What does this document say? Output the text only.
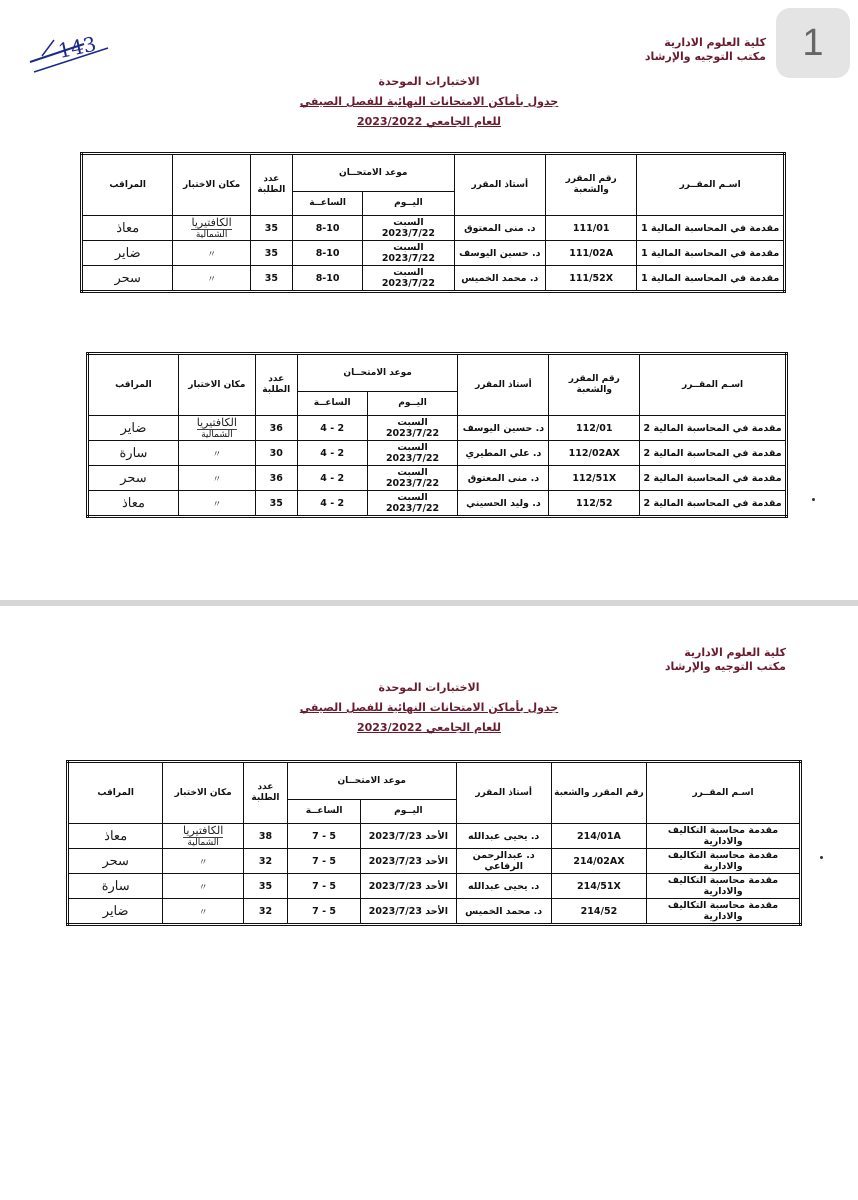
1
143	كلية العلوم الادارية
مكتب التوجيه والإرشاد
الاختبارات الموحدة
جدول بأماكن الامتحانات النهائية للفصل الصيفي
للعام الجامعي 2023/2022
اسـم المقــرر	رقم المقرر والشعبة	أستاذ المقرر	موعد الامتحــان		عدد الطلبة	مكان الاختبار	المراقب
			اليــوم	الساعــة			
مقدمة في المحاسبة المالية 1	111/01	د. منى المعتوق	السبت 2023/7/22	8-10	35	الكافتيريا
الشمالية	معاذ
مقدمة في المحاسبة المالية 1	111/02A	د. حسين اليوسف	السبت 2023/7/22	8-10	35	〃	ضاير
مقدمة في المحاسبة المالية 1	111/52X	د. محمد الخميس	السبت 2023/7/22	8-10	35	〃	سحر
اسـم المقــرر	رقم المقرر والشعبة	أستاذ المقرر	موعد الامتحــان		عدد الطلبة	مكان الاختبار	المراقب
			اليــوم	الساعــة			
مقدمة في المحاسبة المالية 2	112/01	د. حسين اليوسف	السبت 2023/7/22	2 - 4	36	الكافتيريا
الشمالية	ضاير
مقدمة في المحاسبة المالية 2	112/02AX	د. علي المطيري	السبت 2023/7/22	2 - 4	30	〃	سارة
مقدمة في المحاسبة المالية 2	112/51X	د. منى المعتوق	السبت 2023/7/22	2 - 4	36	〃	سحر
مقدمة في المحاسبة المالية 2	112/52	د. وليد الحسيني	السبت 2023/7/22	2 - 4	35	〃	معاذ
كلية العلوم الادارية
مكتب التوجيه والإرشاد
الاختبارات الموحدة
جدول بأماكن الامتحانات النهائية للفصل الصيفي
للعام الجامعي 2023/2022
اسـم المقــرر	رقم المقرر والشعبة	أستاذ المقرر	موعد الامتحــان		عدد الطلبة	مكان الاختبار	المراقب
			اليــوم	الساعــة			
مقدمة محاسبة التكاليف والادارية	214/01A	د. يحيى عبدالله	الأحد 2023/7/23	5 - 7	38	الكافتيريا
الشمالية	معاذ
مقدمة محاسبة التكاليف والادارية	214/02AX	د. عبدالرحمن الرفاعي	الأحد 2023/7/23	5 - 7	32	〃	سحر
مقدمة محاسبة التكاليف والادارية	214/51X	د. يحيى عبدالله	الأحد 2023/7/23	5 - 7	35	〃	سارة
مقدمة محاسبة التكاليف والادارية	214/52	د. محمد الخميس	الأحد 2023/7/23	5 - 7	32	〃	ضاير
